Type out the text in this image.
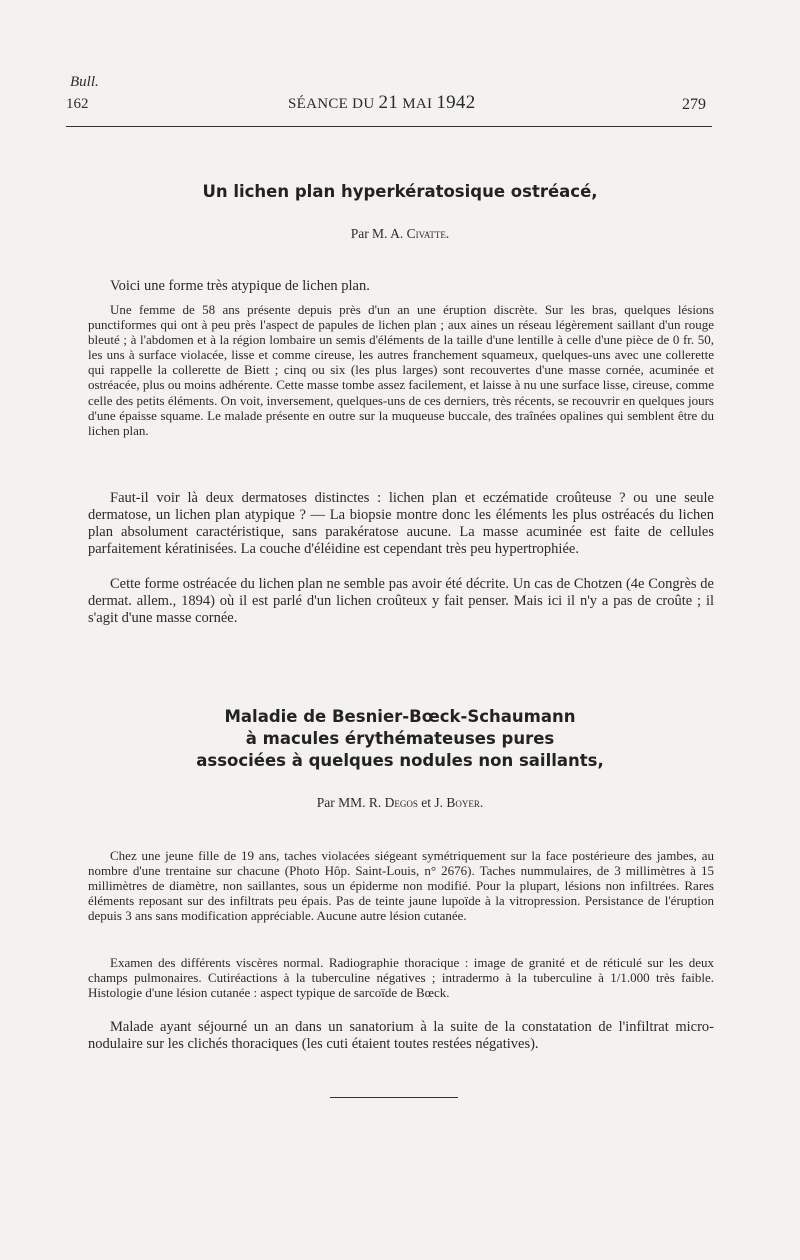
Bull.
162	SÉANCE DU 21 MAI 1942	279
Un lichen plan hyperkératosique ostréacé,
Par M. A. Civatte.

Voici une forme très atypique de lichen plan.

Une femme de 58 ans présente depuis près d'un an une éruption discrète. Sur les bras, quelques lésions punctiformes qui ont à peu près l'aspect de papules de lichen plan ; aux aines un réseau légèrement saillant d'un rouge bleuté ; à l'abdomen et à la région lombaire un semis d'éléments de la taille d'une lentille à celle d'une pièce de 0 fr. 50, les uns à surface violacée, lisse et comme cireuse, les autres franchement squameux, quelques-uns avec une collerette qui rappelle la collerette de Biett ; cinq ou six (les plus larges) sont recouvertes d'une masse cornée, acuminée et ostréacée, plus ou moins adhérente. Cette masse tombe assez facilement, et laisse à nu une surface lisse, cireuse, comme celle des petits éléments. On voit, inversement, quelques-uns de ces derniers, très récents, se recouvrir en quelques jours d'une épaisse squame. Le malade présente en outre sur la muqueuse buccale, des traînées opalines qui semblent être du lichen plan.

Faut-il voir là deux dermatoses distinctes : lichen plan et eczématide croûteuse ? ou une seule dermatose, un lichen plan atypique ? — La biopsie montre donc les éléments les plus ostréacés du lichen plan absolument caractéristique, sans parakératose aucune. La masse acuminée est faite de cellules parfaitement kératinisées. La couche d'éléidine est cependant très peu hypertrophiée.

Cette forme ostréacée du lichen plan ne semble pas avoir été décrite. Un cas de Chotzen (4e Congrès de dermat. allem., 1894) où il est parlé d'un lichen croûteux y fait penser. Mais ici il n'y a pas de croûte ; il s'agit d'une masse cornée.

Maladie de Besnier-Bœck-Schaumann
à macules érythémateuses pures
associées à quelques nodules non saillants,
Par MM. R. Degos et J. Boyer.

Chez une jeune fille de 19 ans, taches violacées siégeant symétriquement sur la face postérieure des jambes, au nombre d'une trentaine sur chacune (Photo Hôp. Saint-Louis, n° 2676). Taches nummulaires, de 3 millimètres à 15 millimètres de diamètre, non saillantes, sous un épiderme non modifié. Pour la plupart, lésions non infiltrées. Rares éléments reposant sur des infiltrats peu épais. Pas de teinte jaune lupoïde à la vitropression. Persistance de l'éruption depuis 3 ans sans modification appréciable. Aucune autre lésion cutanée.

Examen des différents viscères normal. Radiographie thoracique : image de granité et de réticulé sur les deux champs pulmonaires. Cutiréactions à la tuberculine négatives ; intradermo à la tuberculine à 1/1.000 très faible. Histologie d'une lésion cutanée : aspect typique de sarcoïde de Bœck.

Malade ayant séjourné un an dans un sanatorium à la suite de la constatation de l'infiltrat micro-nodulaire sur les clichés thoraciques (les cuti étaient toutes restées négatives).
